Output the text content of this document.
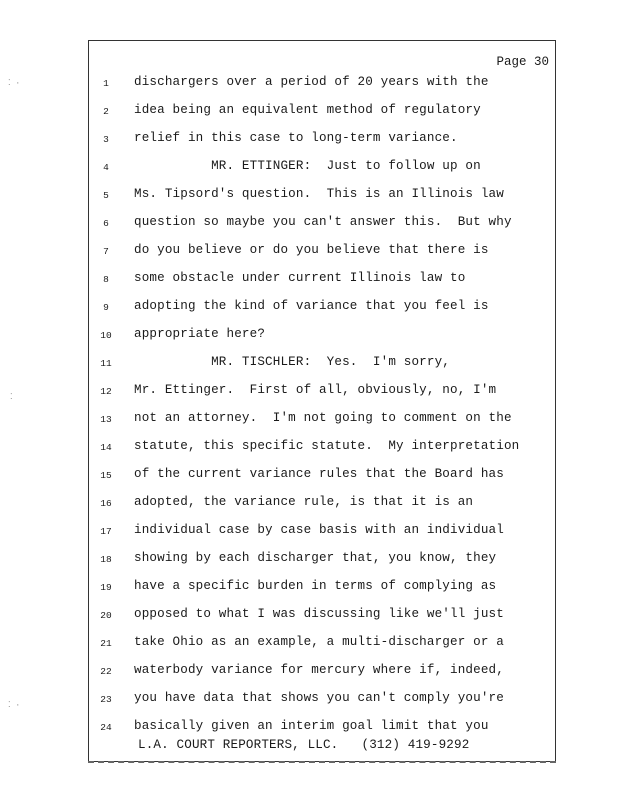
Page 30
1	dischargers over a period of 20 years with the
2	idea being an equivalent method of regulatory
3	relief in this case to long-term variance.
4	MR. ETTINGER:  Just to follow up on
5	Ms. Tipsord's question.  This is an Illinois law
6	question so maybe you can't answer this.  But why
7	do you believe or do you believe that there is
8	some obstacle under current Illinois law to
9	adopting the kind of variance that you feel is
10 appropriate here?
11 MR. TISCHLER:  Yes.  I'm sorry,
12 Mr. Ettinger.  First of all, obviously, no, I'm
13 not an attorney.  I'm not going to comment on the
14 statute, this specific statute.  My interpretation
15 of the current variance rules that the Board has
16 adopted, the variance rule, is that it is an
17 individual case by case basis with an individual
18 showing by each discharger that, you know, they
19 have a specific burden in terms of complying as
20 opposed to what I was discussing like we'll just
21 take Ohio as an example, a multi-discharger or a
22 waterbody variance for mercury where if, indeed,
23 you have data that shows you can't comply you're
24 basically given an interim goal limit that you
L.A. COURT REPORTERS, LLC.   (312) 419-9292
⁚ ·
⁚
⁚ ·
